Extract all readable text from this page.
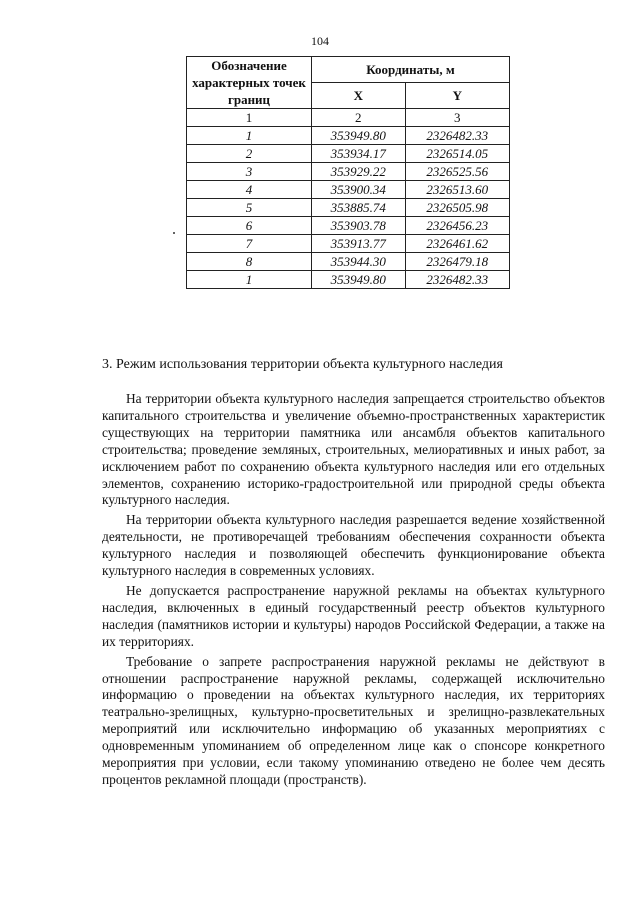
104
Обозначение характерных точек границ	Координаты, м	
	X	Y
1	2	3
1	353949.80	2326482.33
2	353934.17	2326514.05
3	353929.22	2326525.56
4	353900.34	2326513.60
5	353885.74	2326505.98
6	353903.78	2326456.23
7	353913.77	2326461.62
8	353944.30	2326479.18
1	353949.80	2326482.33
3. Режим использования территории объекта культурного наследия

На территории объекта культурного наследия запрещается строительство объектов капитального строительства и увеличение объемно-пространственных характеристик существующих на территории памятника или ансамбля объектов капитального строительства; проведение земляных, строительных, мелиоративных и иных работ, за исключением работ по сохранению объекта культурного наследия или его отдельных элементов, сохранению историко-градостроительной или природной среды объекта культурного наследия.

На территории объекта культурного наследия разрешается ведение хозяйственной деятельности, не противоречащей требованиям обеспечения сохранности объекта культурного наследия и позволяющей обеспечить функционирование объекта культурного наследия в современных условиях.

Не допускается распространение наружной рекламы на объектах культурного наследия, включенных в единый государственный реестр объектов культурного наследия (памятников истории и культуры) народов Российской Федерации, а также на их территориях.

Требование о запрете распространения наружной рекламы не действуют в отношении распространение наружной рекламы, содержащей исключительно информацию о проведении на объектах культурного наследия, их территориях театрально-зрелищных, культурно-просветительных и зрелищно-развлекательных мероприятий или исключительно информацию об указанных мероприятиях с одновременным упоминанием об определенном лице как о спонсоре конкретного мероприятия при условии, если такому упоминанию отведено не более чем десять процентов рекламной площади (пространств).
